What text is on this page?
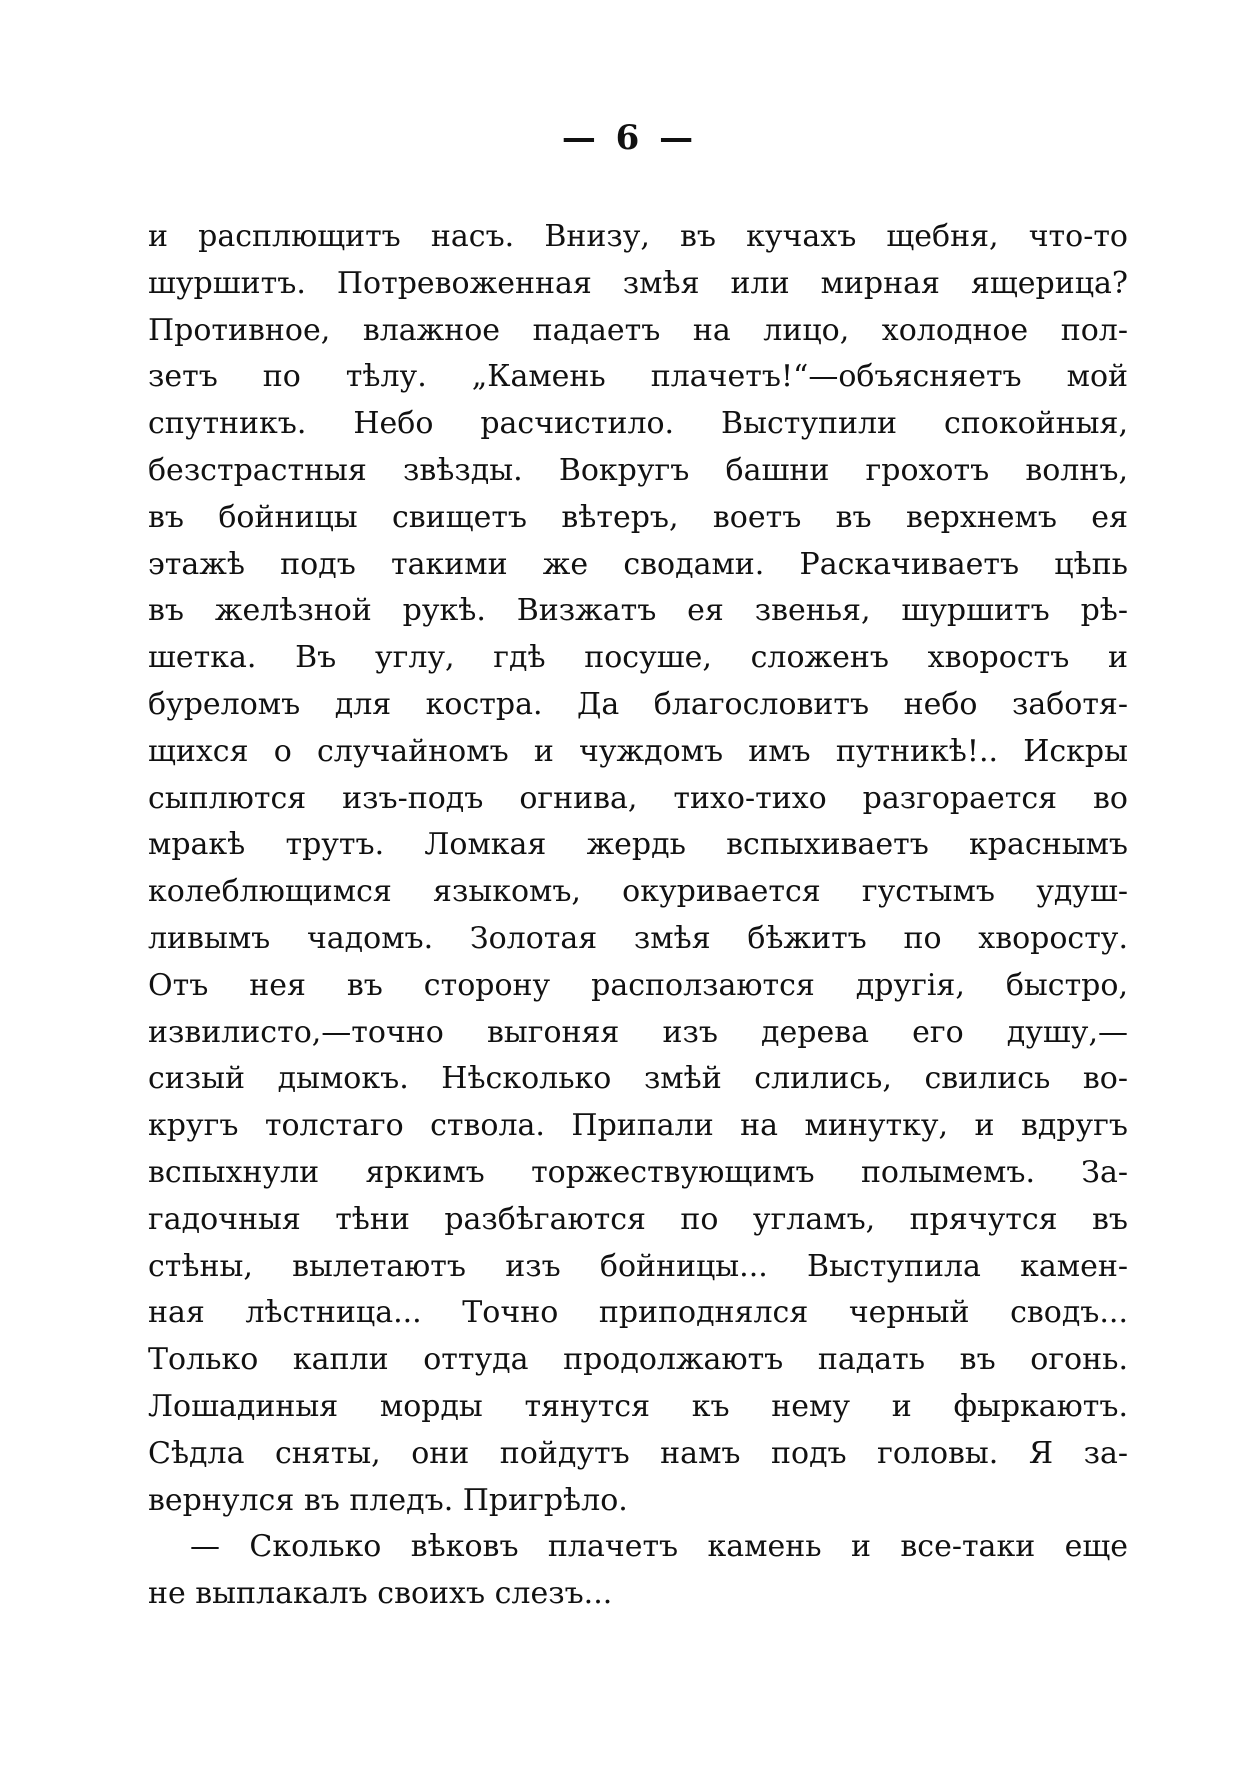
— 6 —
и расплющитъ насъ. Внизу, въ кучахъ щебня, что-то
шуршитъ. Потревоженная змѣя или мирная ящерица?
Противное, влажное падаетъ на лицо, холодное пол-
зетъ по тѣлу. „Камень плачетъ!“—объясняетъ мой
спутникъ. Небо расчистило. Выступили спокойныя,
безстрастныя звѣзды. Вокругъ башни грохотъ волнъ,
въ бойницы свищетъ вѣтеръ, воетъ въ верхнемъ ея
этажѣ подъ такими же сводами. Раскачиваетъ цѣпь
въ желѣзной рукѣ. Визжатъ ея звенья, шуршитъ рѣ-
шетка. Въ углу, гдѣ посуше, сложенъ хворостъ и
буреломъ для костра. Да благословитъ небо заботя-
щихся о случайномъ и чуждомъ имъ путникѣ!.. Искры
сыплются изъ-подъ огнива, тихо-тихо разгорается во
мракѣ трутъ. Ломкая жердь вспыхиваетъ краснымъ
колеблющимся языкомъ, окуривается густымъ удуш-
ливымъ чадомъ. Золотая змѣя бѣжитъ по хворосту.
Отъ нея въ сторону расползаются другія, быстро,
извилисто,—точно выгоняя изъ дерева его душу,—
сизый дымокъ. Нѣсколько змѣй слились, свились во-
кругъ толстаго ствола. Припали на минутку, и вдругъ
вспыхнули яркимъ торжествующимъ полымемъ. За-
гадочныя тѣни разбѣгаются по угламъ, прячутся въ
стѣны, вылетаютъ изъ бойницы... Выступила камен-
ная лѣстница... Точно приподнялся черный сводъ...
Только капли оттуда продолжаютъ падать въ огонь.
Лошадиныя морды тянутся къ нему и фыркаютъ.
Сѣдла сняты, они пойдутъ намъ подъ головы. Я за-
вернулся въ пледъ. Пригрѣло.
— Сколько вѣковъ плачетъ камень и все-таки еще
не выплакалъ своихъ слезъ...
